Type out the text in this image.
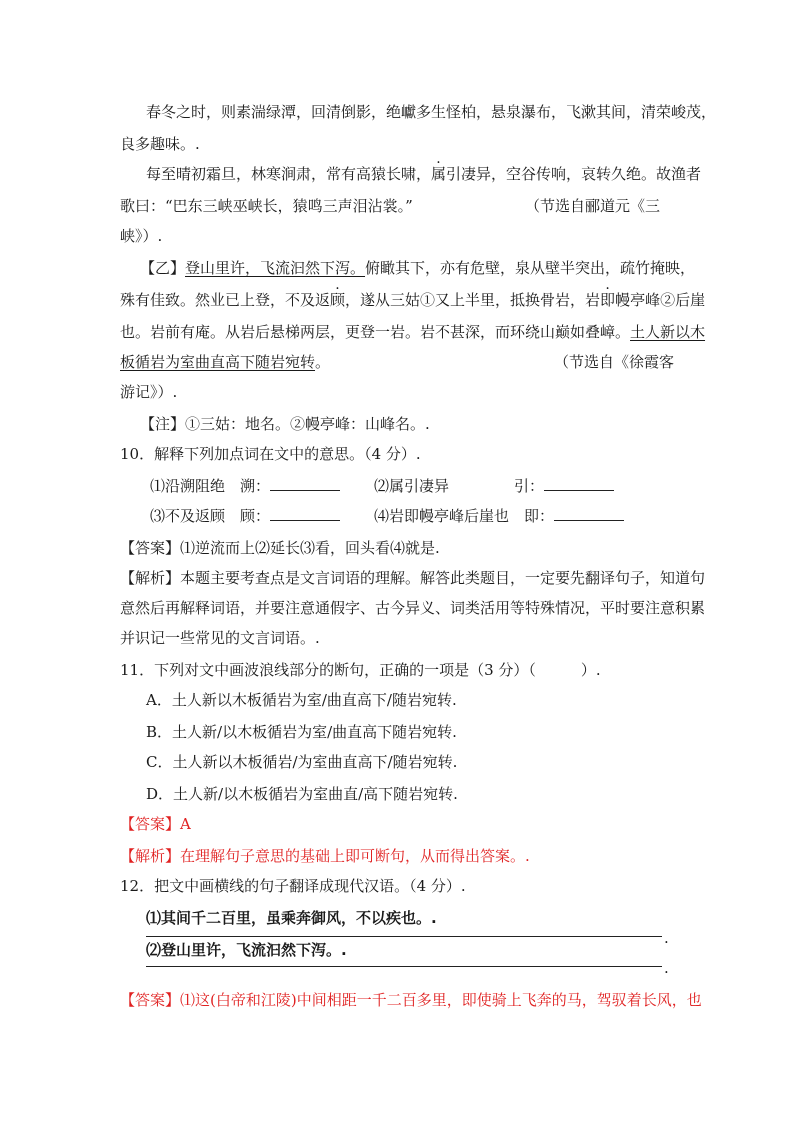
春冬之时，则素湍绿潭，回清倒影，绝巘多生怪柏，悬泉瀑布，飞漱其间，清荣峻茂，
良多趣味。.
每至晴初霜旦，林寒涧肃，常有高猿长啸，属引凄异，空谷传响，哀转久绝。故渔者
歌曰：“巴东三峡巫峡长，猿鸣三声泪沾裳。”	（节选自郦道元《三
峡》）.
【乙】登山里许，飞流汩然下泻。俯瞰其下，亦有危壁，泉从壁半突出，疏竹掩映，
殊有佳致。然业已上登，不及返顾，遂从三姑①又上半里，抵换骨岩，岩即幔亭峰②后崖
也。岩前有庵。从岩后悬梯两层，更登一岩。岩不甚深，而环绕山巅如叠嶂。土人新以木
板循岩为室曲直高下随岩宛转。	（节选自《徐霞客
游记》）.
【注】①三姑：地名。②幔亭峰：山峰名。.
10．解释下列加点词在文中的意思。（4 分）.
⑴沿溯阻绝　溯：	⑵属引凄异	引：
⑶不及返顾　顾：	⑷岩即幔亭峰后崖也　即：
【答案】⑴逆流而上⑵延长⑶看，回头看⑷就是.
【解析】本题主要考查点是文言词语的理解。解答此类题目，一定要先翻译句子，知道句
意然后再解释词语，并要注意通假字、古今异义、词类活用等特殊情况，平时要注意积累
并识记一些常见的文言词语。.
11．下列对文中画波浪线部分的断句，正确的一项是（3 分）（　　　）.
A．土人新以木板循岩为室/曲直高下/随岩宛转.
B．土人新/以木板循岩为室/曲直高下随岩宛转.
C．土人新以木板循岩/为室曲直高下/随岩宛转.
D．土人新/以木板循岩为室曲直/高下随岩宛转.
【答案】A
【解析】在理解句子意思的基础上即可断句，从而得出答案。.
12．把文中画横线的句子翻译成现代汉语。（4 分）.
⑴其间千二百里，虽乘奔御风，不以疾也。.
.
⑵登山里许，飞流汩然下泻。.
.
【答案】⑴这(白帝和江陵)中间相距一千二百多里，即使骑上飞奔的马，驾驭着长风，也
